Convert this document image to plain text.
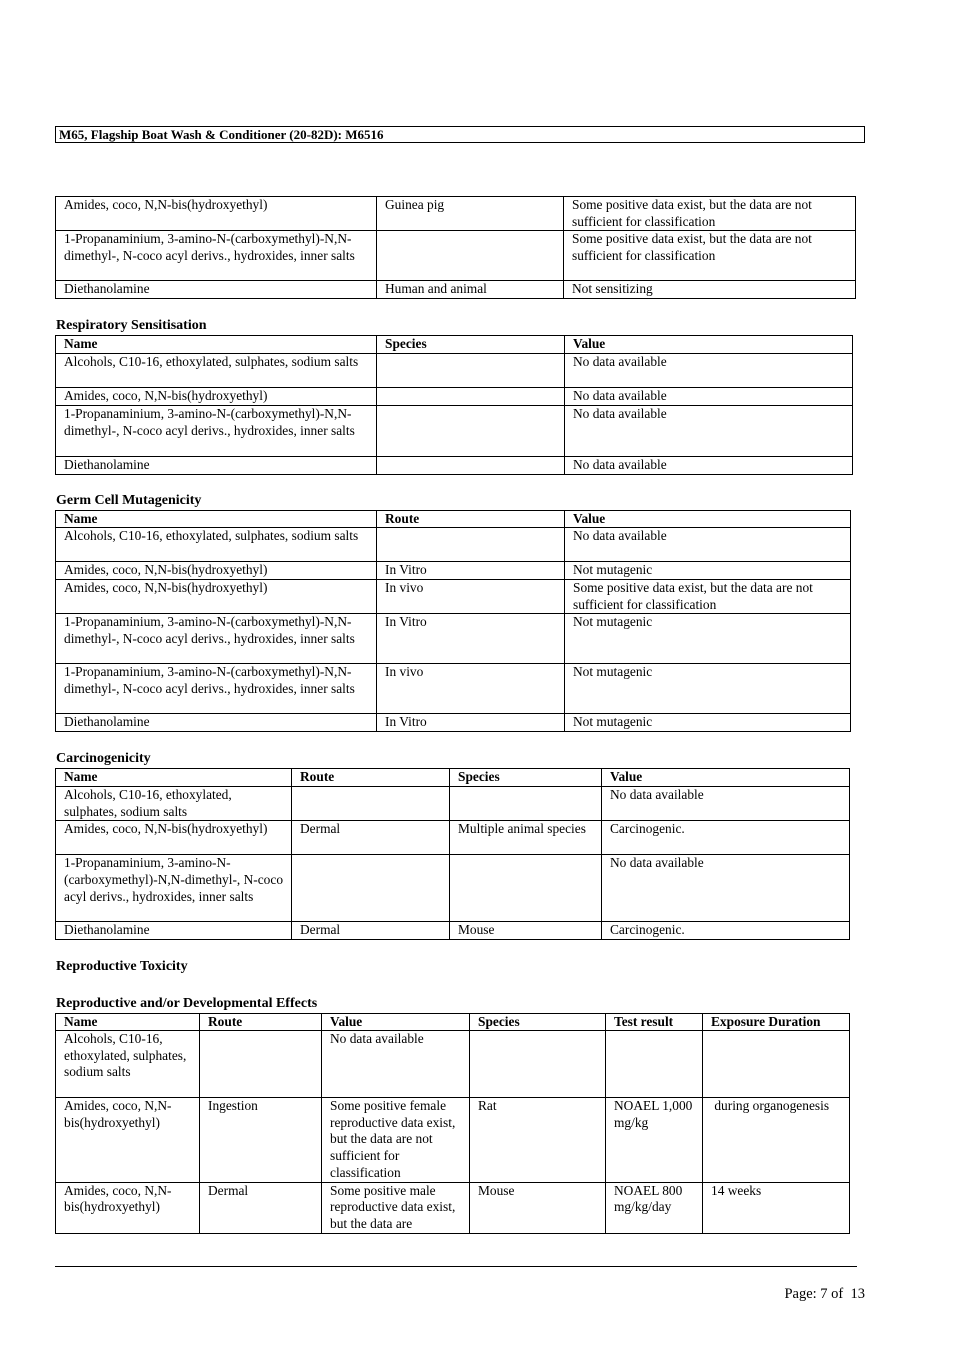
M65, Flagship Boat Wash & Conditioner (20-82D): M6516
Amides, coco, N,N-bis(hydroxyethyl)	Guinea pig	Some positive data exist, but the data are not sufficient for classification
1-Propanaminium, 3-amino-N-(carboxymethyl)-N,N-dimethyl-, N-coco acyl derivs., hydroxides, inner salts		Some positive data exist, but the data are not sufficient for classification
Diethanolamine	Human and animal	Not sensitizing
Respiratory Sensitisation
Name	Species	Value
Alcohols, C10-16, ethoxylated, sulphates, sodium salts		No data available
Amides, coco, N,N-bis(hydroxyethyl)		No data available
1-Propanaminium, 3-amino-N-(carboxymethyl)-N,N-dimethyl-, N-coco acyl derivs., hydroxides, inner salts		No data available
Diethanolamine		No data available
Germ Cell Mutagenicity
Name	Route	Value
Alcohols, C10-16, ethoxylated, sulphates, sodium salts		No data available
Amides, coco, N,N-bis(hydroxyethyl)	In Vitro	Not mutagenic
Amides, coco, N,N-bis(hydroxyethyl)	In vivo	Some positive data exist, but the data are not sufficient for classification
1-Propanaminium, 3-amino-N-(carboxymethyl)-N,N-dimethyl-, N-coco acyl derivs., hydroxides, inner salts	In Vitro	Not mutagenic
1-Propanaminium, 3-amino-N-(carboxymethyl)-N,N-dimethyl-, N-coco acyl derivs., hydroxides, inner salts	In vivo	Not mutagenic
Diethanolamine	In Vitro	Not mutagenic
Carcinogenicity
Name	Route	Species	Value
Alcohols, C10-16, ethoxylated, sulphates, sodium salts			No data available
Amides, coco, N,N-bis(hydroxyethyl)	Dermal	Multiple animal species	Carcinogenic.
1-Propanaminium, 3-amino-N-(carboxymethyl)-N,N-dimethyl-, N-coco acyl derivs., hydroxides, inner salts			No data available
Diethanolamine	Dermal	Mouse	Carcinogenic.
Reproductive Toxicity
Reproductive and/or Developmental Effects
Name	Route	Value	Species	Test result	Exposure Duration
Alcohols, C10-16, ethoxylated, sulphates, sodium salts		No data available			
Amides, coco, N,N-bis(hydroxyethyl)	Ingestion	Some positive female reproductive data exist, but the data are not sufficient for classification	Rat	NOAEL 1,000 mg/kg	during organogenesis
Amides, coco, N,N-bis(hydroxyethyl)	Dermal	Some positive male reproductive data exist, but the data are	Mouse	NOAEL 800 mg/kg/day	14 weeks
Page: 7 of  13
